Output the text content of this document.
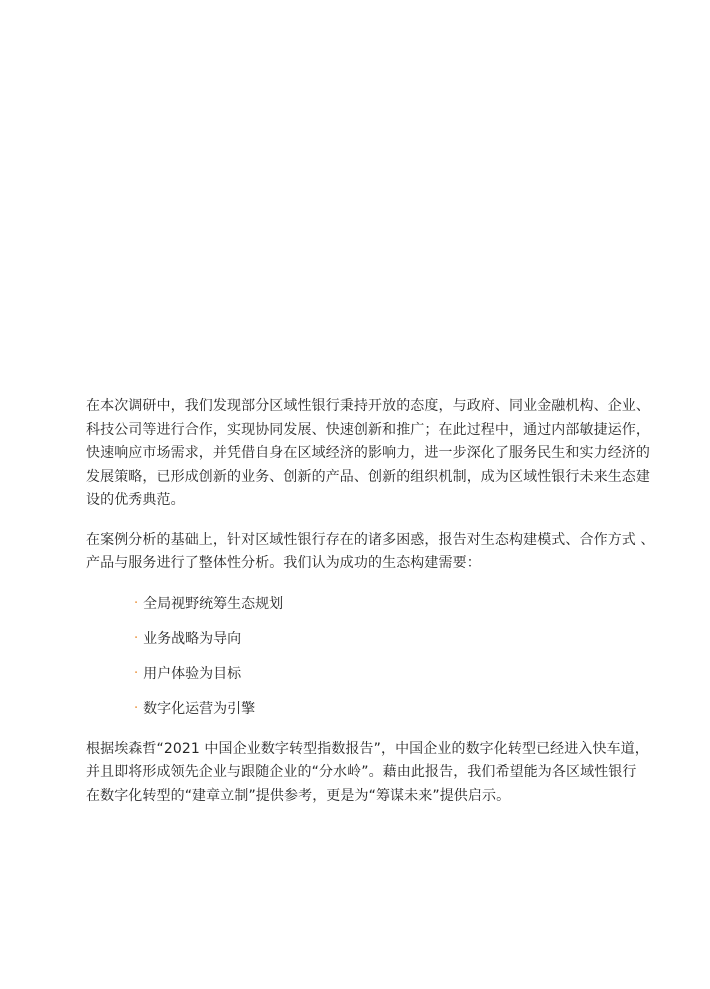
在本次调研中，我们发现部分区域性银行秉持开放的态度，与政府、同业金融机构、企业、
科技公司等进行合作，实现协同发展、快速创新和推广；在此过程中，通过内部敏捷运作，
快速响应市场需求，并凭借自身在区域经济的影响力，进一步深化了服务民生和实力经济的
发展策略，已形成创新的业务、创新的产品、创新的组织机制，成为区域性银行未来生态建
设的优秀典范。

在案例分析的基础上，针对区域性银行存在的诸多困惑，报告对生态构建模式、合作方式 、
产品与服务进行了整体性分析。我们认为成功的生态构建需要：

· 全局视野统筹生态规划
· 业务战略为导向
· 用户体验为目标
· 数字化运营为引擎

根据埃森哲“2021 中国企业数字转型指数报告”，中国企业的数字化转型已经进入快车道，
并且即将形成领先企业与跟随企业的“分水岭”。藉由此报告，我们希望能为各区域性银行
在数字化转型的“建章立制”提供参考，更是为“筹谋未来”提供启示。
